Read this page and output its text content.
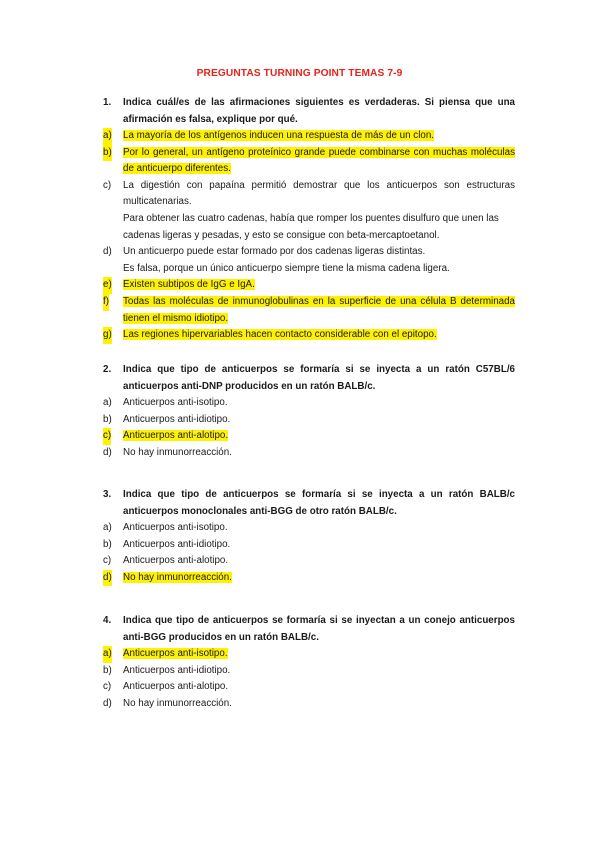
PREGUNTAS TURNING POINT TEMAS 7-9
1. Indica cuál/es de las afirmaciones siguientes es verdaderas. Si piensa que una afirmación es falsa, explique por qué.
a) La mayoría de los antígenos inducen una respuesta de más de un clon.
b) Por lo general, un antígeno proteínico grande puede combinarse con muchas moléculas de anticuerpo diferentes.
c) La digestión con papaína permitió demostrar que los anticuerpos son estructuras multicatenarias.
Para obtener las cuatro cadenas, había que romper los puentes disulfuro que unen las cadenas ligeras y pesadas, y esto se consigue con beta-mercaptoetanol.
d) Un anticuerpo puede estar formado por dos cadenas ligeras distintas.
Es falsa, porque un único anticuerpo siempre tiene la misma cadena ligera.
e) Existen subtipos de IgG e IgA.
f) Todas las moléculas de inmunoglobulinas en la superficie de una célula B determinada tienen el mismo idiotipo.
g) Las regiones hipervariables hacen contacto considerable con el epitopo.
2. Indica que tipo de anticuerpos se formaría si se inyecta a un ratón C57BL/6 anticuerpos anti-DNP producidos en un ratón BALB/c.
a) Anticuerpos anti-isotipo.
b) Anticuerpos anti-idiotipo.
c) Anticuerpos anti-alotipo.
d) No hay inmunorreacción.
3. Indica que tipo de anticuerpos se formaría si se inyecta a un ratón BALB/c anticuerpos monoclonales anti-BGG de otro ratón BALB/c.
a) Anticuerpos anti-isotipo.
b) Anticuerpos anti-idiotipo.
c) Anticuerpos anti-alotipo.
d) No hay inmunorreacción.
4. Indica que tipo de anticuerpos se formaría si se inyectan a un conejo anticuerpos anti-BGG producidos en un ratón BALB/c.
a) Anticuerpos anti-isotipo.
b) Anticuerpos anti-idiotipo.
c) Anticuerpos anti-alotipo.
d) No hay inmunorreacción.
